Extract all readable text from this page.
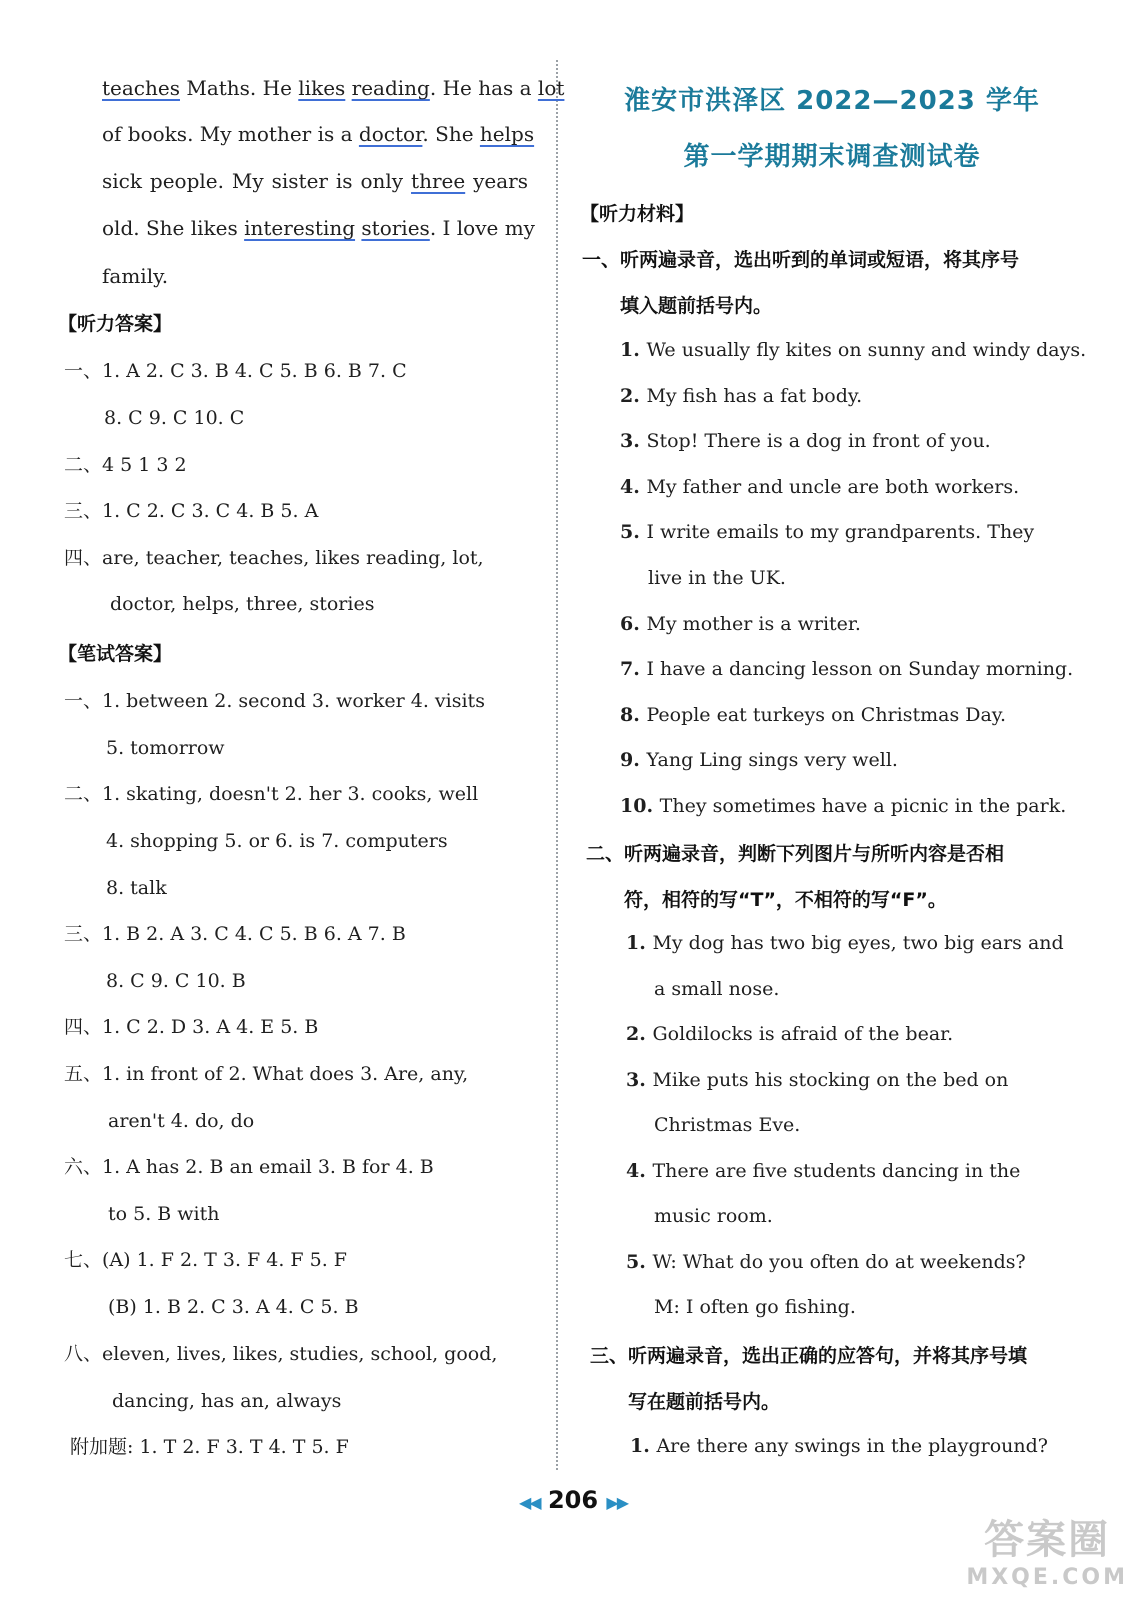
teaches Maths. He likes reading. He has a lot
of books. My mother is a doctor. She helps
sick people. My sister is only three years
old. She likes interesting stories. I love my
family.
【听力答案】
一、1. A 2. C 3. B 4. C 5. B 6. B 7. C
8. C 9. C 10. C
二、4 5 1 3 2
三、1. C 2. C 3. C 4. B 5. A
四、are, teacher, teaches, likes reading, lot,
doctor, helps, three, stories
【笔试答案】
一、1. between 2. second 3. worker 4. visits
5. tomorrow
二、1. skating, doesn't 2. her 3. cooks, well
4. shopping 5. or 6. is 7. computers
8. talk
三、1. B 2. A 3. C 4. C 5. B 6. A 7. B
8. C 9. C 10. B
四、1. C 2. D 3. A 4. E 5. B
五、1. in front of 2. What does 3. Are, any,
aren't 4. do, do
六、1. A has 2. B an email 3. B for 4. B
to 5. B with
七、(A) 1. F 2. T 3. F 4. F 5. F
(B) 1. B 2. C 3. A 4. C 5. B
八、eleven, lives, likes, studies, school, good,
dancing, has an, always
附加题: 1. T 2. F 3. T 4. T 5. F
淮安市洪泽区 2022—2023 学年
第一学期期末调查测试卷
【听力材料】
一、听两遍录音，选出听到的单词或短语，将其序号
填入题前括号内。
1. We usually fly kites on sunny and windy days.
2. My fish has a fat body.
3. Stop! There is a dog in front of you.
4. My father and uncle are both workers.
5. I write emails to my grandparents. They
live in the UK.
6. My mother is a writer.
7. I have a dancing lesson on Sunday morning.
8. People eat turkeys on Christmas Day.
9. Yang Ling sings very well.
10. They sometimes have a picnic in the park.
二、听两遍录音，判断下列图片与所听内容是否相
符，相符的写“T”，不相符的写“F”。
1. My dog has two big eyes, two big ears and
a small nose.
2. Goldilocks is afraid of the bear.
3. Mike puts his stocking on the bed on
Christmas Eve.
4. There are five students dancing in the
music room.
5. W: What do you often do at weekends?
M: I often go fishing.
三、听两遍录音，选出正确的应答句，并将其序号填
写在题前括号内。
1. Are there any swings in the playground?
◀◀ 206 ▶▶
答案圈
MXQE.COM
